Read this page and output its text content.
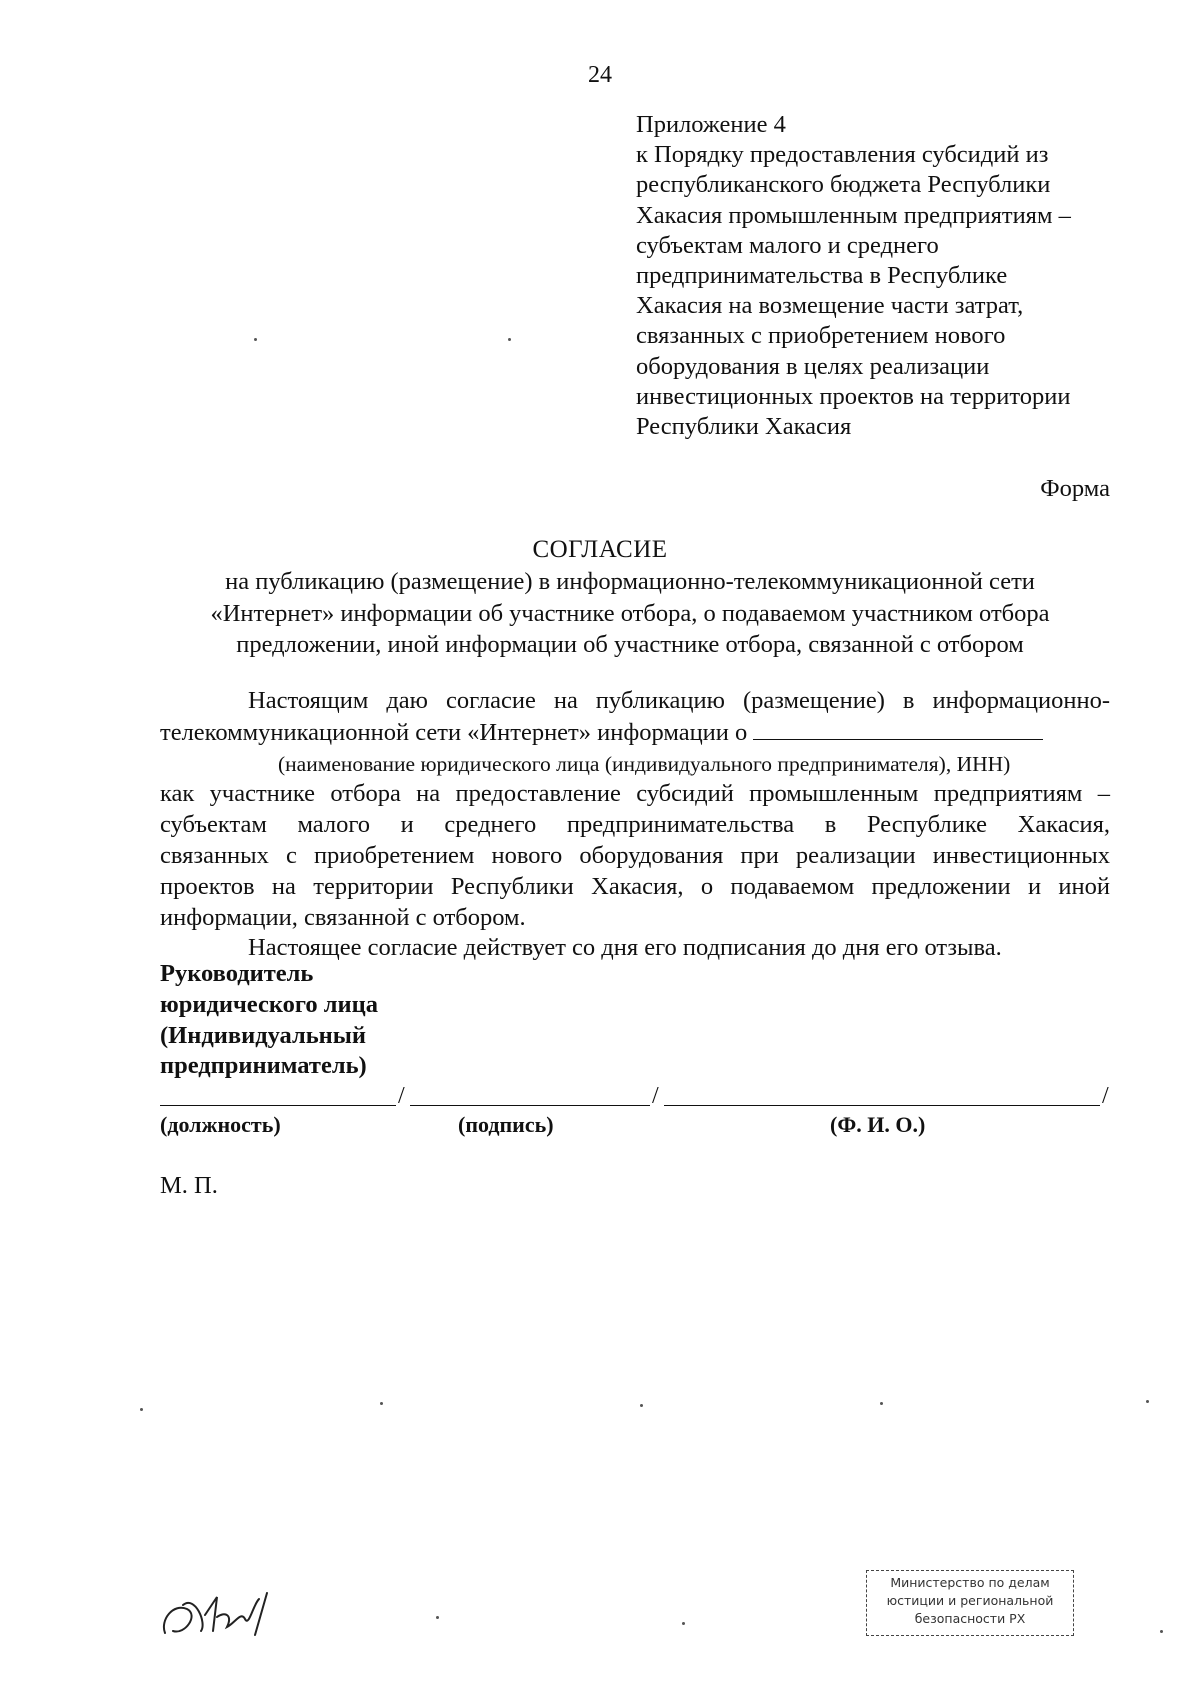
24
Приложение 4
к Порядку предоставления субсидий из
республиканского бюджета Республики
Хакасия промышленным предприятиям –
субъектам малого и среднего
предпринимательства в Республике
Хакасия на возмещение части затрат,
связанных с приобретением нового
оборудования в целях реализации
инвестиционных проектов на территории
Республики Хакасия
Форма
СОГЛАСИЕ
на публикацию (размещение) в информационно-телекоммуникационной сети
«Интернет» информации об участнике отбора, о подаваемом участником отбора
предложении, иной информации об участнике отбора, связанной с отбором
Настоящим даю согласие на публикацию (размещение) в информационно-
телекоммуникационной сети «Интернет» информации о
(наименование юридического лица (индивидуального предпринимателя), ИНН)
как участнике отбора на предоставление субсидий промышленным предприятиям –
субъектам малого и среднего предпринимательства в Республике Хакасия,
связанных с приобретением нового оборудования при реализации инвестиционных
проектов на территории Республики Хакасия, о подаваемом предложении и иной
информации, связанной с отбором.
Настоящее согласие действует со дня его подписания до дня его отзыва.
Руководитель
юридического лица
(Индивидуальный
предприниматель)
/	/	/
(должность)	(подпись)	(Ф. И. О.)
М. П.
Министерство по делам
юстиции и региональной
безопасности РХ
